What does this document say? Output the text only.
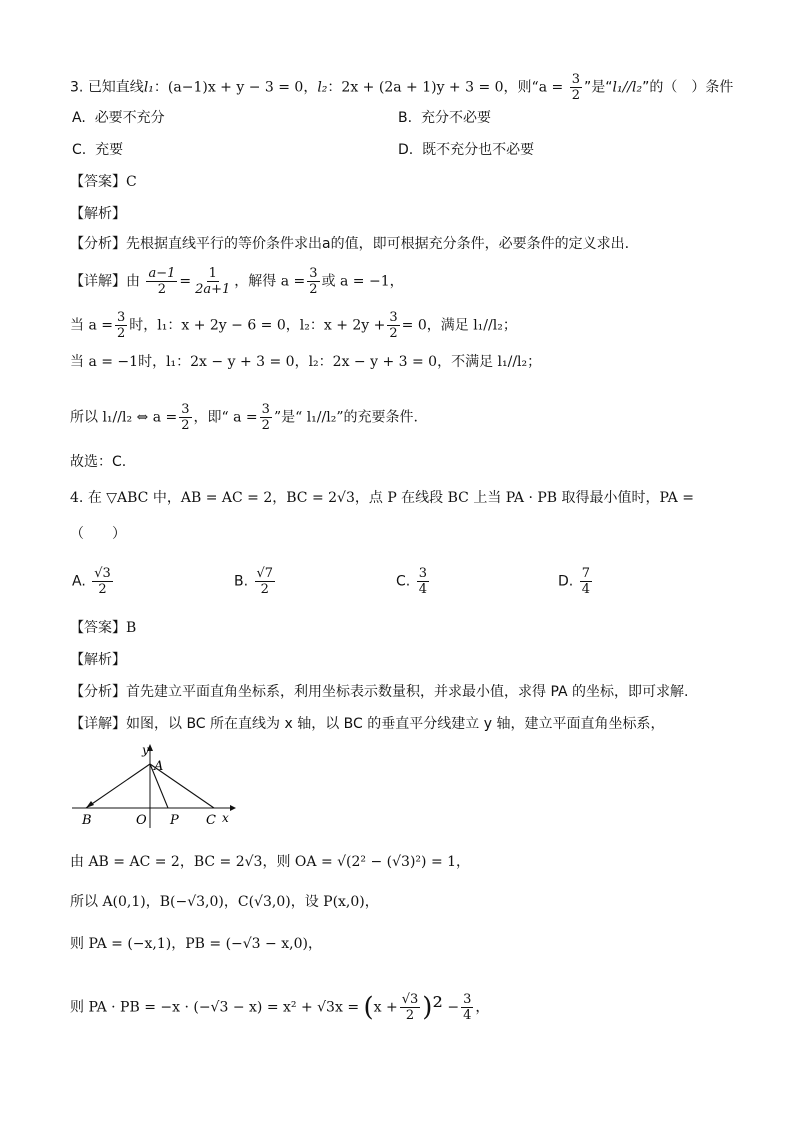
3. 已知直线l₁：(a−1)x + y − 3 = 0，l₂：2x + (2a + 1)y + 3 = 0，则“$a = \frac{3}{2}$ ”是“l₁//l₂”的（　）条件
A. 必要不充分	B. 充分不必要
C. 充要	D. 既不充分也不必要
【答案】C
【解析】
【分析】先根据直线平行的等价条件求出a的值，即可根据充分条件，必要条件的定义求出.
【详解】由 $\frac{a-1}{2} = \frac{1}{2a+1}$ ，解得 $a = \frac{3}{2}$ 或 a = −1，
当 $a = \frac{3}{2}$ 时，l₁：x + 2y − 6 = 0，l₂：$x + 2y + \frac{3}{2} = 0$，满足 l₁//l₂；
当 a = −1时，l₁：2x − y + 3 = 0，l₂：2x − y + 3 = 0，不满足 l₁//l₂；
所以 l₁//l₂ ⇔ $a = \frac{3}{2}$ ，即“ $a = \frac{3}{2}$ ”是“ l₁//l₂”的充要条件.
故选：C.
4. 在 ▽ABC 中，AB = AC = 2，BC = 2√3，点 P 在线段 BC 上当 PA · PB 取得最小值时，PA =
（　　）
A. $\frac{√3}{2}$	B. $\frac{√7}{2}$	C. $\frac{3}{4}$	D. $\frac{7}{4}$
【答案】B
【解析】
【分析】首先建立平面直角坐标系，利用坐标表示数量积，并求最小值，求得 PA 的坐标，即可求解.
【详解】如图，以 BC 所在直线为 x 轴，以 BC 的垂直平分线建立 y 轴，建立平面直角坐标系，
y
A
B	O P C x
由 AB = AC = 2，BC = 2√3，则 OA = √(2² − (√3)²) = 1，
所以 A(0,1)，B(−√3,0)，C(√3,0)，设 P(x,0)，
则 PA = (−x,1)，PB = (−√3 − x,0)，
则 PA · PB = $-x \cdot (-√3 - x) = x^2 + √3x = (x + \frac{√3}{2} )^2 - \frac{3}{4}$ ，
